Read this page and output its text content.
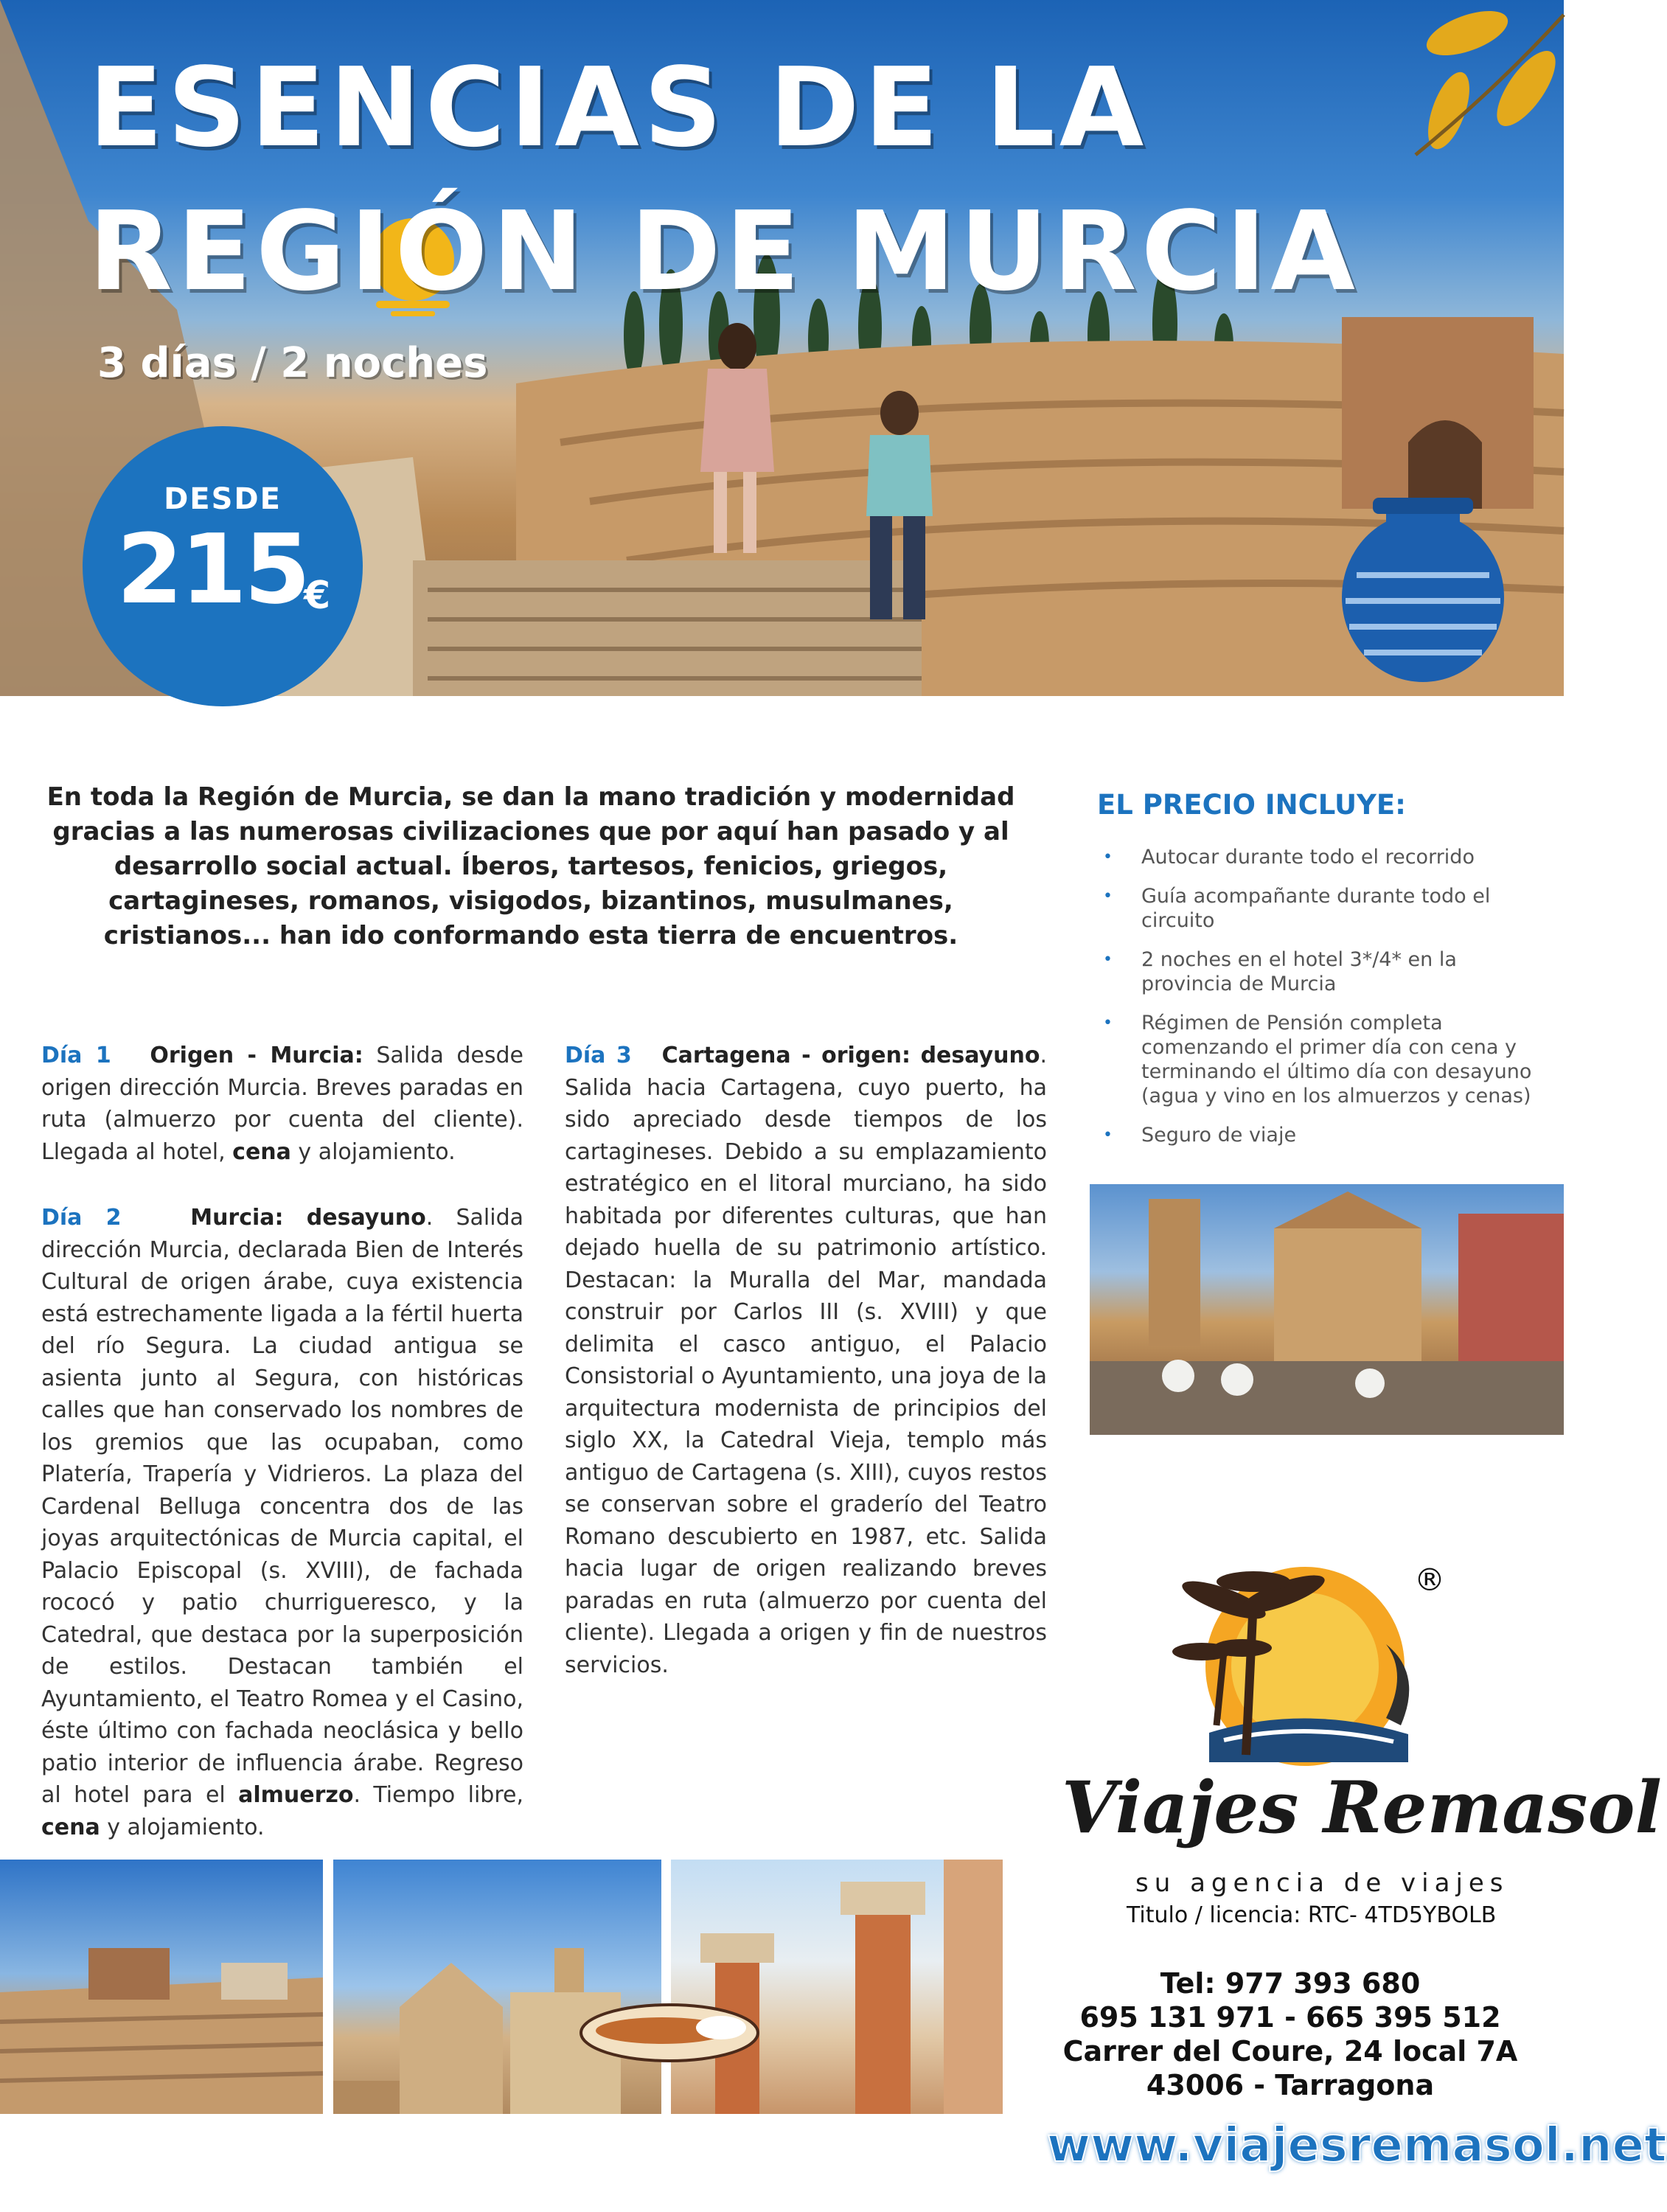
ESENCIAS DE LA
REGIÓN DE MURCIA
3 días / 2 noches
DESDE
215
€
En toda la Región de Murcia, se dan la mano tradición y modernidad gracias a las numerosas civilizaciones que por aquí han pasado y al desarrollo social actual. Íberos, tartesos, fenicios, griegos, cartagineses, romanos, visigodos, bizantinos, musulmanes, cristianos... han ido conformando esta tierra de encuentros.
EL PRECIO INCLUYE:
• Autocar durante todo el recorrido
• Guía acompañante durante todo el circuito
• 2 noches en el hotel 3*/4* en la provincia de Murcia
• Régimen de Pensión completa comenzando el primer día con cena y terminando el último día con desayuno (agua y vino en los almuerzos y cenas)
• Seguro de viaje
Día 1 Origen - Murcia: Salida desde origen dirección Murcia. Breves paradas en ruta (almuerzo por cuenta del cliente). Llegada al hotel, cena y alojamiento.
Día 2	Murcia: desayuno. Salida dirección Murcia, declarada Bien de Interés Cultural de origen árabe, cuya existencia está estrechamente ligada a la fértil huerta del río Segura. La ciudad antigua se asienta junto al Segura, con históricas calles que han conservado los nombres de los gremios que las ocupaban, como Platería, Trapería y Vidrieros. La plaza del Cardenal Belluga concentra dos de las joyas arquitectónicas de Murcia capital, el Palacio Episcopal (s. XVIII), de fachada rococó y patio churrigueresco, y la Catedral, que destaca por la superposición de estilos. Destacan también el Ayuntamiento, el Teatro Romea y el Casino, éste último con fachada neoclásica y bello patio interior de influencia árabe. Regreso al hotel para el almuerzo. Tiempo libre, cena y alojamiento.
Día 3 Cartagena - origen: desayuno. Salida hacia Cartagena, cuyo puerto, ha sido apreciado desde tiempos de los cartagineses. Debido a su emplazamiento estratégico en el litoral murciano, ha sido habitada por diferentes culturas, que han dejado huella de su patrimonio artístico. Destacan: la Muralla del Mar, mandada construir por Carlos III (s. XVIII) y que delimita el casco antiguo, el Palacio Consistorial o Ayuntamiento, una joya de la arquitectura modernista de principios del siglo XX, la Catedral Vieja, templo más antiguo de Cartagena (s. XIII), cuyos restos se conservan sobre el graderío del Teatro Romano descubierto en 1987, etc. Salida hacia lugar de origen realizando breves paradas en ruta (almuerzo por cuenta del cliente). Llegada a origen y fin de nuestros servicios.
®
Viajes Remasol
su agencia de viajes
Titulo / licencia: RTC- 4TD5YBOLB
Tel: 977 393 680
695 131 971 - 665 395 512
Carrer del Coure, 24 local 7A
43006 - Tarragona
www.viajesremasol.net
